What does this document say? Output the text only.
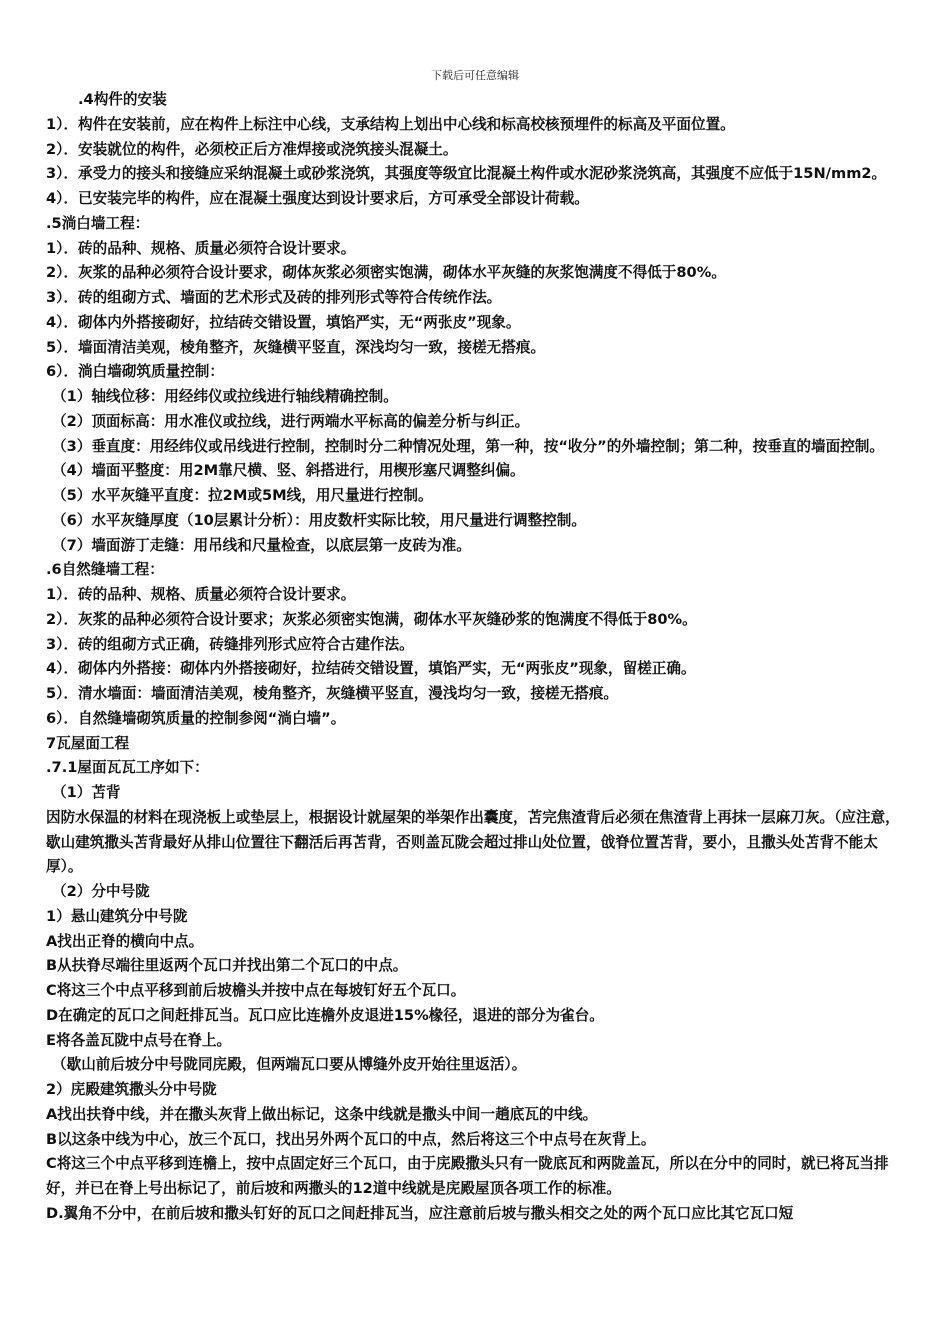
下载后可任意编辑
.4构件的安装
1）．构件在安装前，应在构件上标注中心线，支承结构上划出中心线和标高校核预埋件的标高及平面位置。
2）．安装就位的构件，必须校正后方准焊接或浇筑接头混凝土。
3）．承受力的接头和接缝应采纳混凝土或砂浆浇筑，其强度等级宜比混凝土构件或水泥砂浆浇筑高，其强度不应低于15N/mm2。
4）．已安装完毕的构件，应在混凝土强度达到设计要求后，方可承受全部设计荷载。
.5淌白墙工程：
1）．砖的品种、规格、质量必须符合设计要求。
2）．灰浆的品种必须符合设计要求，砌体灰浆必须密实饱满，砌体水平灰缝的灰浆饱满度不得低于80%。
3）．砖的组砌方式、墙面的艺术形式及砖的排列形式等符合传统作法。
4）．砌体内外搭接砌好，拉结砖交错设置，填馅严实，无“两张皮”现象。
5）．墙面清洁美观，棱角整齐，灰缝横平竖直，深浅均匀一致，接槎无搭痕。
6）．淌白墙砌筑质量控制：
（1）轴线位移：用经纬仪或拉线进行轴线精确控制。
（2）顶面标高：用水准仪或拉线，进行两端水平标高的偏差分析与纠正。
（3）垂直度：用经纬仪或吊线进行控制，控制时分二种情况处理，第一种，按“收分”的外墙控制；第二种，按垂直的墙面控制。
（4）墙面平整度：用2M靠尺横、竖、斜搭进行，用楔形塞尺调整纠偏。
（5）水平灰缝平直度：拉2M或5M线，用尺量进行控制。
（6）水平灰缝厚度（10层累计分析）：用皮数杆实际比较，用尺量进行调整控制。
（7）墙面游丁走缝：用吊线和尺量检查，以底层第一皮砖为准。
.6自然缝墙工程：
1）．砖的品种、规格、质量必须符合设计要求。
2）．灰浆的品种必须符合设计要求；灰浆必须密实饱满，砌体水平灰缝砂浆的饱满度不得低于80%。
3）．砖的组砌方式正确，砖缝排列形式应符合古建作法。
4）．砌体内外搭接：砌体内外搭接砌好，拉结砖交错设置，填馅严实，无“两张皮”现象，留槎正确。
5）．清水墙面：墙面清洁美观，棱角整齐，灰缝横平竖直，漫浅均匀一致，接槎无搭痕。
6）．自然缝墙砌筑质量的控制参阅“淌白墙”。
7瓦屋面工程
.7.1屋面瓦瓦工序如下：
（1）苫背
因防水保温的材料在现浇板上或垫层上，根据设计就屋架的举架作出囊度，苫完焦渣背后必须在焦渣背上再抹一层麻刀灰。（应注意，歇山建筑撒头苫背最好从排山位置往下翻活后再苫背，否则盖瓦陇会超过排山处位置，戗脊位置苫背，要小，且撒头处苫背不能太厚）。
（2）分中号陇
1）悬山建筑分中号陇
A找出正脊的横向中点。
B从扶脊尽端往里返两个瓦口并找出第二个瓦口的中点。
C将这三个中点平移到前后坡檐头并按中点在每坡钉好五个瓦口。
D在确定的瓦口之间赶排瓦当。瓦口应比连檐外皮退进15%椽径，退进的部分为雀台。
E将各盖瓦陇中点号在脊上。
（歇山前后坡分中号陇同庑殿，但两端瓦口要从博缝外皮开始往里返活）。
2）庑殿建筑撒头分中号陇
A找出扶脊中线，并在撒头灰背上做出标记，这条中线就是撒头中间一趟底瓦的中线。
B以这条中线为中心，放三个瓦口，找出另外两个瓦口的中点，然后将这三个中点号在灰背上。
C将这三个中点平移到连檐上，按中点固定好三个瓦口，由于庑殿撒头只有一陇底瓦和两陇盖瓦，所以在分中的同时，就已将瓦当排好，并已在脊上号出标记了，前后坡和两撒头的12道中线就是庑殿屋顶各项工作的标准。
D.翼角不分中，在前后坡和撒头钉好的瓦口之间赶排瓦当，应注意前后坡与撒头相交之处的两个瓦口应比其它瓦口短
